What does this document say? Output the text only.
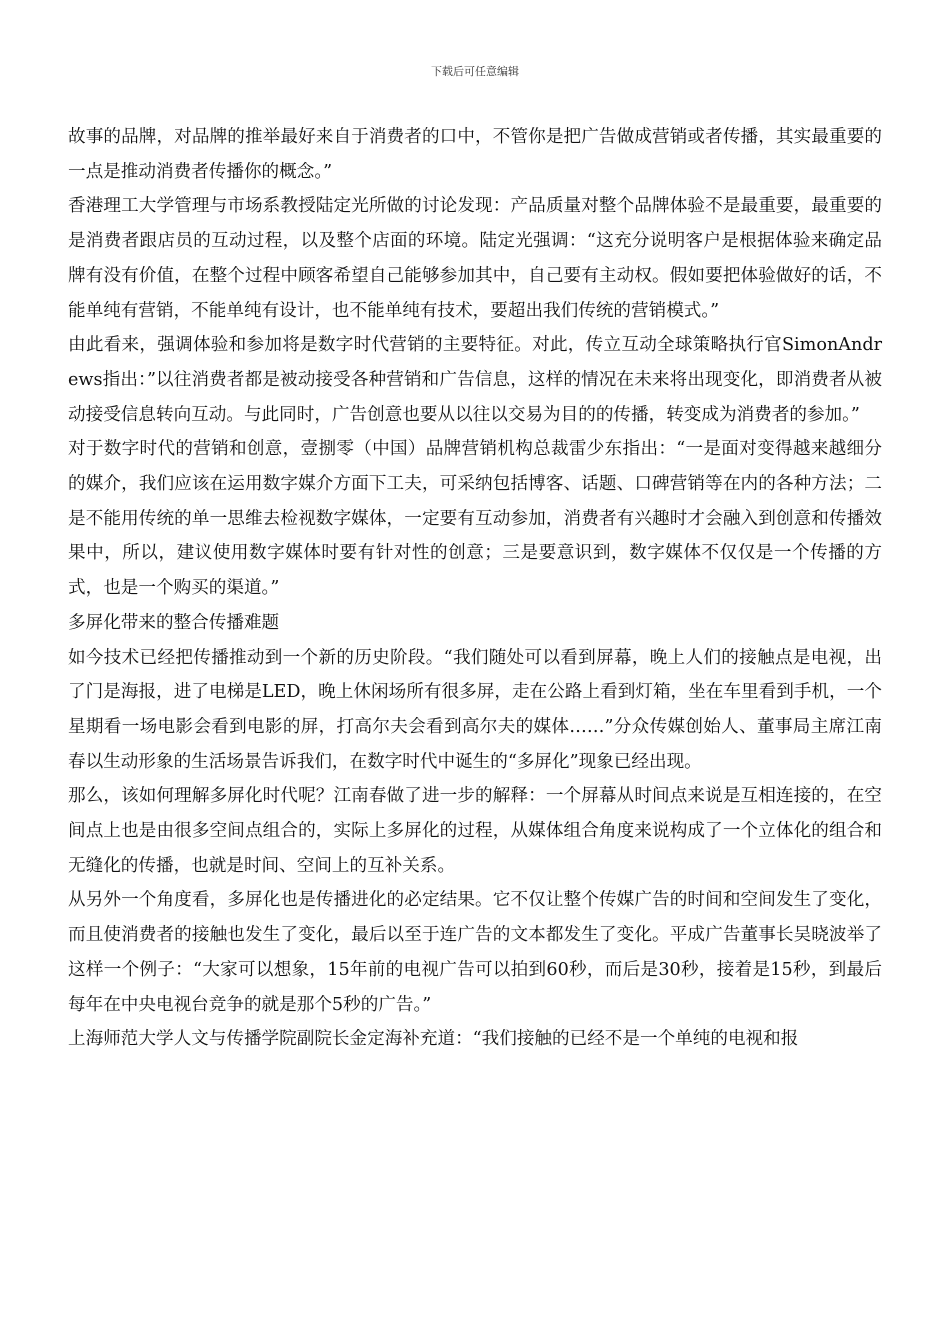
下载后可任意编辑

故事的品牌，对品牌的推举最好来自于消费者的口中，不管你是把广告做成营销或者传播，其实最重要的一点是推动消费者传播你的概念。”

香港理工大学管理与市场系教授陆定光所做的讨论发现：产品质量对整个品牌体验不是最重要，最重要的是消费者跟店员的互动过程，以及整个店面的环境。陆定光强调：“这充分说明客户是根据体验来确定品牌有没有价值，在整个过程中顾客希望自己能够参加其中，自己要有主动权。假如要把体验做好的话，不能单纯有营销，不能单纯有设计，也不能单纯有技术，要超出我们传统的营销模式。”

由此看来，强调体验和参加将是数字时代营销的主要特征。对此，传立互动全球策略执行官SimonAndrews指出：”以往消费者都是被动接受各种营销和广告信息，这样的情况在未来将出现变化，即消费者从被动接受信息转向互动。与此同时，广告创意也要从以往以交易为目的的传播，转变成为消费者的参加。”

对于数字时代的营销和创意，壹捌零（中国）品牌营销机构总裁雷少东指出：“一是面对变得越来越细分的媒介，我们应该在运用数字媒介方面下工夫，可采纳包括博客、话题、口碑营销等在内的各种方法；二是不能用传统的单一思维去检视数字媒体，一定要有互动参加，消费者有兴趣时才会融入到创意和传播效果中，所以，建议使用数字媒体时要有针对性的创意；三是要意识到，数字媒体不仅仅是一个传播的方式，也是一个购买的渠道。”

多屏化带来的整合传播难题

如今技术已经把传播推动到一个新的历史阶段。“我们随处可以看到屏幕，晚上人们的接触点是电视，出了门是海报，进了电梯是LED，晚上休闲场所有很多屏，走在公路上看到灯箱，坐在车里看到手机，一个星期看一场电影会看到电影的屏，打高尔夫会看到高尔夫的媒体……”分众传媒创始人、董事局主席江南春以生动形象的生活场景告诉我们，在数字时代中诞生的“多屏化”现象已经出现。

那么，该如何理解多屏化时代呢？江南春做了进一步的解释：一个屏幕从时间点来说是互相连接的，在空间点上也是由很多空间点组合的，实际上多屏化的过程，从媒体组合角度来说构成了一个立体化的组合和无缝化的传播，也就是时间、空间上的互补关系。

从另外一个角度看，多屏化也是传播进化的必定结果。它不仅让整个传媒广告的时间和空间发生了变化，而且使消费者的接触也发生了变化，最后以至于连广告的文本都发生了变化。平成广告董事长吴晓波举了这样一个例子：“大家可以想象，15年前的电视广告可以拍到60秒，而后是30秒，接着是15秒，到最后每年在中央电视台竞争的就是那个5秒的广告。”

上海师范大学人文与传播学院副院长金定海补充道：“我们接触的已经不是一个单纯的电视和报
